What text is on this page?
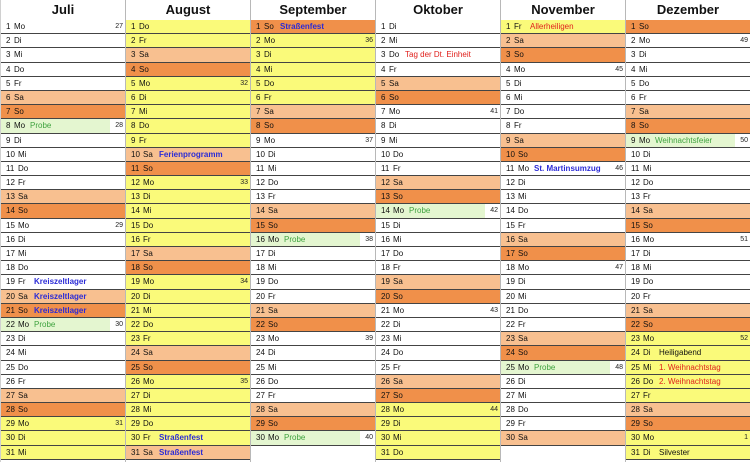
Juli
1 Mo	27
2 Di
3 Mi
4 Do
5 Fr
6 Sa
7 So
8 Mo Probe	28
9 Di
10 Mi
11 Do
12 Fr
13 Sa
14 So
15 Mo	29
16 Di
17 Mi
18 Do
19 Fr Kreiszeltlager
20 Sa Kreiszeltlager
21 So Kreiszeltlager
22 Mo Probe	30
23 Di
24 Mi
25 Do
26 Fr
27 Sa
28 So
29 Mo	31
30 Di
31 Mi
August
1 Do
2 Fr
3 Sa
4 So
5 Mo	32
6 Di
7 Mi
8 Do
9 Fr
10 Sa Ferienprogramm
11 So
12 Mo	33
13 Di
14 Mi
15 Do
16 Fr
17 Sa
18 So
19 Mo	34
20 Di
21 Mi
22 Do
23 Fr
24 Sa
25 So
26 Mo	35
27 Di
28 Mi
29 Do
30 Fr Straßenfest
31 Sa Straßenfest
September
1 So Straßenfest
2 Mo	36
3 Di
4 Mi
5 Do
6 Fr
7 Sa
8 So
9 Mo	37
10 Di
11 Mi
12 Do
13 Fr
14 Sa
15 So
16 Mo Probe	38
17 Di
18 Mi
19 Do
20 Fr
21 Sa
22 So
23 Mo	39
24 Di
25 Mi
26 Do
27 Fr
28 Sa
29 So
30 Mo Probe	40
Oktober
1 Di
2 Mi
3 Do Tag der Dt. Einheit
4 Fr
5 Sa
6 So
7 Mo	41
8 Di
9 Mi
10 Do
11 Fr
12 Sa
13 So
14 Mo Probe	42
15 Di
16 Mi
17 Do
18 Fr
19 Sa
20 So
21 Mo	43
22 Di
23 Mi
24 Do
25 Fr
26 Sa
27 So
28 Mo	44
29 Di
30 Mi
31 Do
November
1 Fr Allerheiligen
2 Sa
3 So
4 Mo	45
5 Di
6 Mi
7 Do
8 Fr
9 Sa
10 So
11 Mo St. Martinsumzug 46
12 Di
13 Mi
14 Do
15 Fr
16 Sa
17 So
18 Mo	47
19 Di
20 Mi
21 Do
22 Fr
23 Sa
24 So
25 Mo Probe	48
26 Di
27 Mi
28 Do
29 Fr
30 Sa
Dezember
1 So
2 Mo	49
3 Di
4 Mi
5 Do
6 Fr
7 Sa
8 So
9 Mo Weihnachtsfeier	50
10 Di
11 Mi
12 Do
13 Fr
14 Sa
15 So
16 Mo	51
17 Di
18 Mi
19 Do
20 Fr
21 Sa
22 So
23 Mo	52
24 Di Heiligabend
25 Mi 1. Weihnachtstag
26 Do 2. Weihnachtstag
27 Fr
28 Sa
29 So
30 Mo	1
31 Di Silvester
